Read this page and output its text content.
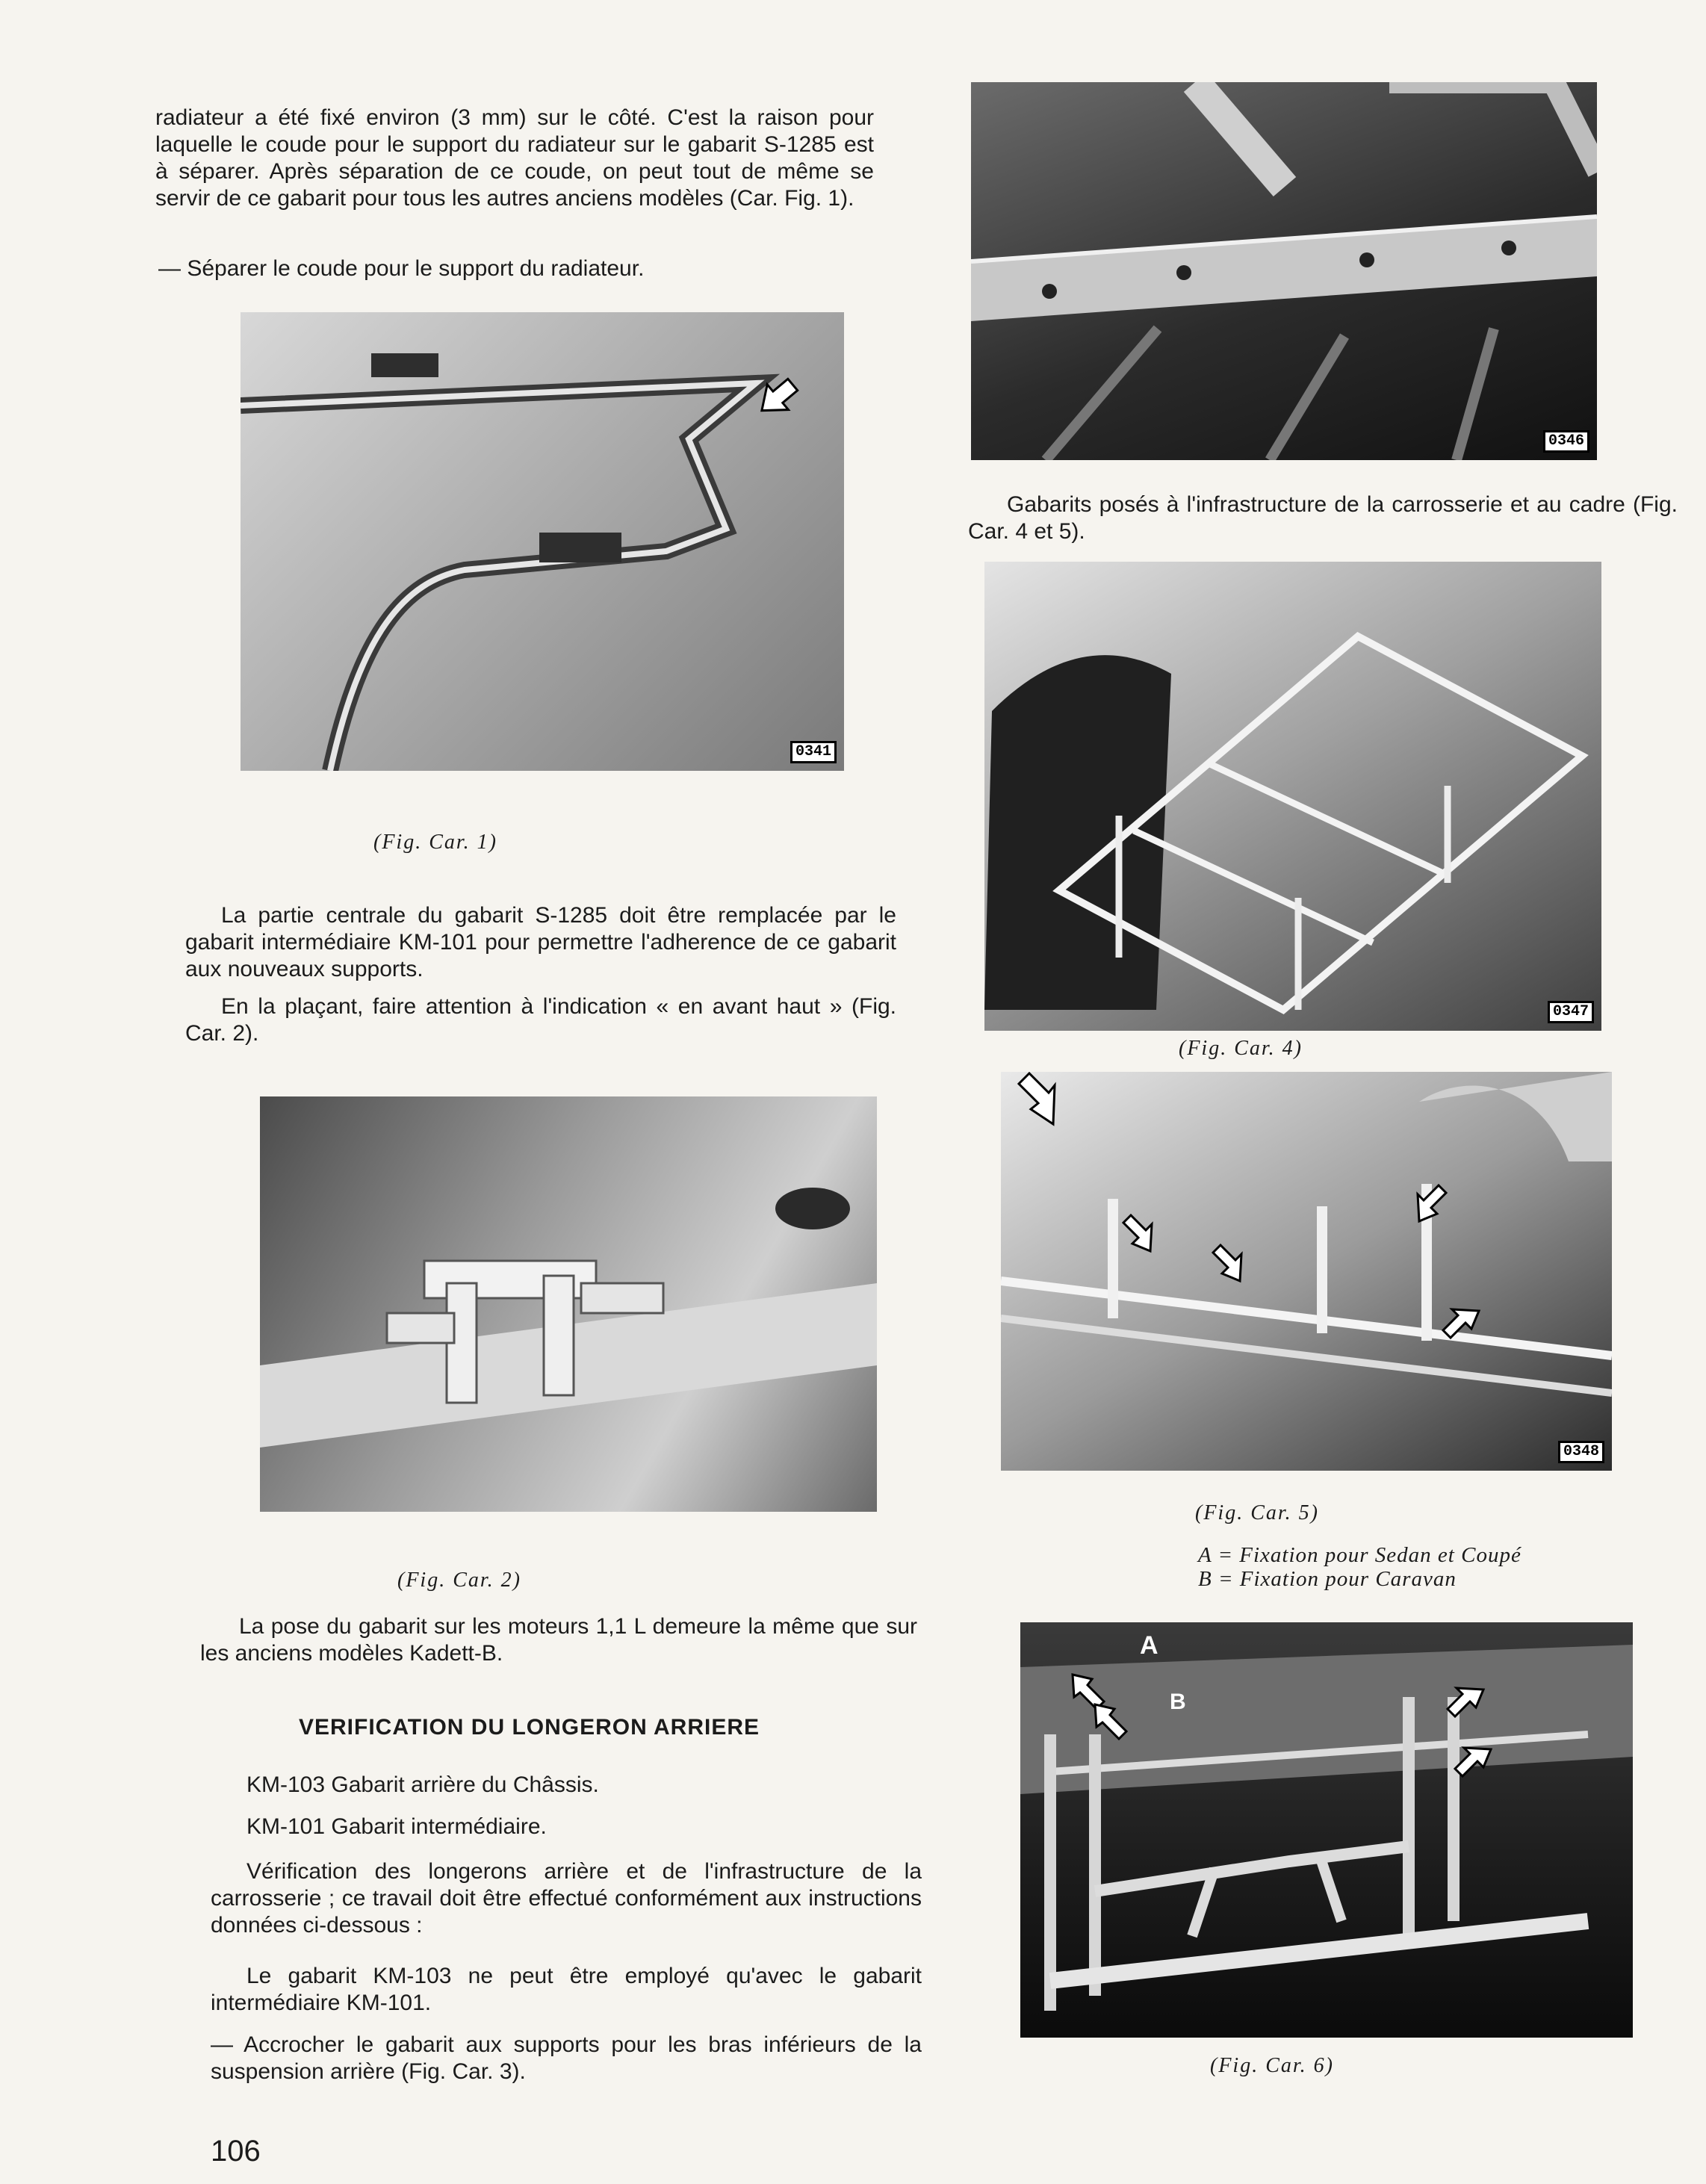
radiateur a été fixé environ (3 mm) sur le côté. C'est la raison pour laquelle le coude pour le support du radiateur sur le gabarit S-1285 est à séparer. Après séparation de ce coude, on peut tout de même se servir de ce gabarit pour tous les autres anciens modèles (Car. Fig. 1).
— Séparer le coude pour le support du radiateur.
0341
(Fig. Car. 1)
La partie centrale du gabarit S-1285 doit être remplacée par le gabarit intermédiaire KM-101 pour permettre l'adherence de ce gabarit aux nouveaux supports.
En la plaçant, faire attention à l'indication « en avant haut » (Fig. Car. 2).
(Fig. Car. 2)
La pose du gabarit sur les moteurs 1,1 L demeure la même que sur les anciens modèles Kadett-B.
VERIFICATION DU LONGERON ARRIERE
KM-103 Gabarit arrière du Châssis.
KM-101 Gabarit intermédiaire.
Vérification des longerons arrière et de l'infrastructure de la carrosserie ; ce travail doit être effectué conformément aux instructions données ci-dessous :
Le gabarit KM-103 ne peut être employé qu'avec le gabarit intermédiaire KM-101.
— Accrocher le gabarit aux supports pour les bras inférieurs de la suspension arrière (Fig. Car. 3).
106
0346
Gabarits posés à l'infrastructure de la carrosserie et au cadre (Fig. Car. 4 et 5).
0347
(Fig. Car. 4)
0348
(Fig. Car. 5)
A = Fixation pour Sedan et Coupé
B = Fixation pour Caravan
A
B
(Fig. Car. 6)
